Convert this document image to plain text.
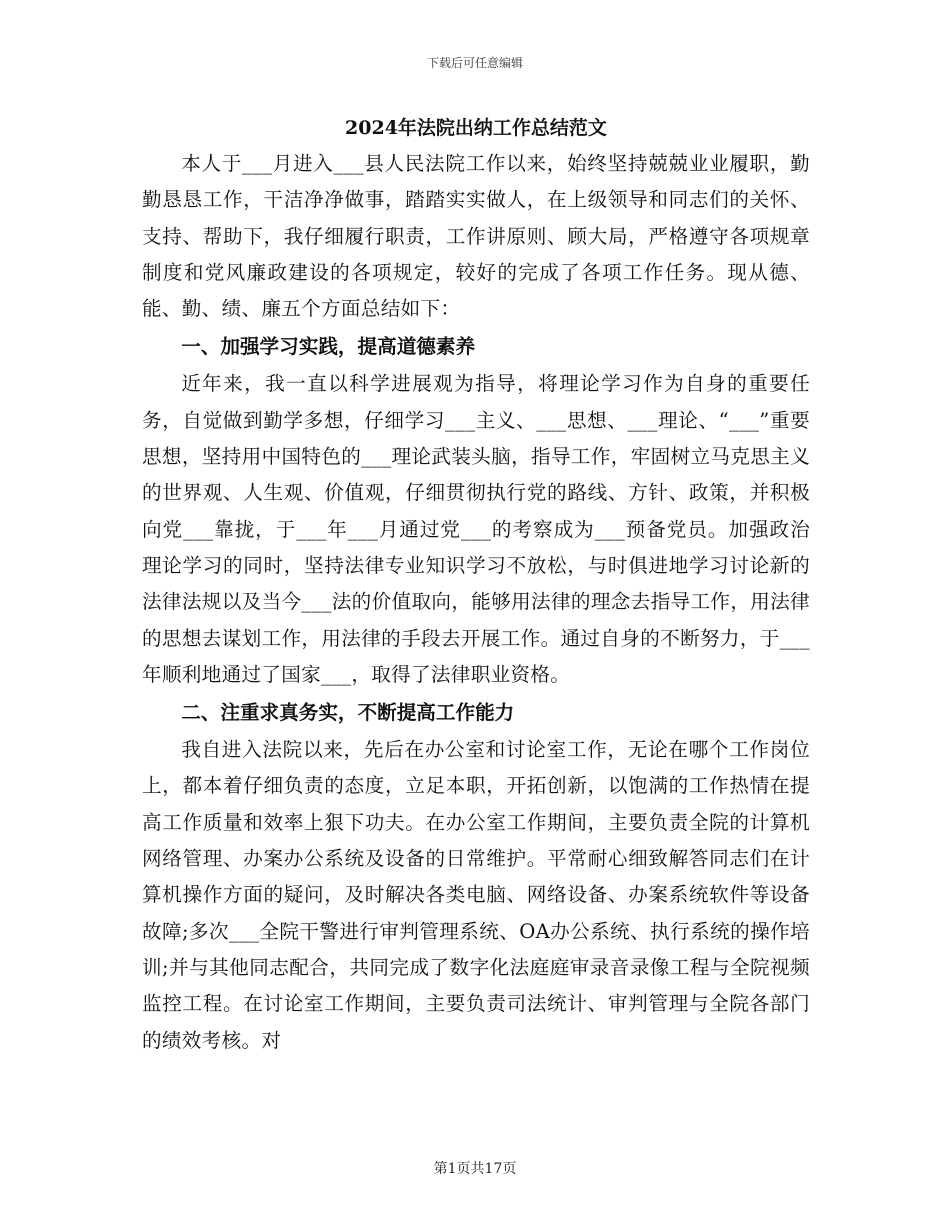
下载后可任意编辑

2024年法院出纳工作总结范文

本人于___月进入___县人民法院工作以来，始终坚持兢兢业业履职，勤勤恳恳工作，干洁净净做事，踏踏实实做人，在上级领导和同志们的关怀、支持、帮助下，我仔细履行职责，工作讲原则、顾大局，严格遵守各项规章制度和党风廉政建设的各项规定，较好的完成了各项工作任务。现从德、能、勤、绩、廉五个方面总结如下：

一、加强学习实践，提高道德素养

近年来，我一直以科学进展观为指导，将理论学习作为自身的重要任务，自觉做到勤学多想，仔细学习___主义、___思想、___理论、“___”重要思想，坚持用中国特色的___理论武装头脑，指导工作，牢固树立马克思主义的世界观、人生观、价值观，仔细贯彻执行党的路线、方针、政策，并积极向党___靠拢，于___年___月通过党___的考察成为___预备党员。加强政治理论学习的同时，坚持法律专业知识学习不放松，与时俱进地学习讨论新的法律法规以及当今___法的价值取向，能够用法律的理念去指导工作，用法律的思想去谋划工作，用法律的手段去开展工作。通过自身的不断努力，于___年顺利地通过了国家___，取得了法律职业资格。

二、注重求真务实，不断提高工作能力

我自进入法院以来，先后在办公室和讨论室工作，无论在哪个工作岗位上，都本着仔细负责的态度，立足本职，开拓创新，以饱满的工作热情在提高工作质量和效率上狠下功夫。在办公室工作期间，主要负责全院的计算机网络管理、办案办公系统及设备的日常维护。平常耐心细致解答同志们在计算机操作方面的疑问，及时解决各类电脑、网络设备、办案系统软件等设备故障;多次___全院干警进行审判管理系统、OA办公系统、执行系统的操作培训;并与其他同志配合，共同完成了数字化法庭庭审录音录像工程与全院视频监控工程。在讨论室工作期间，主要负责司法统计、审判管理与全院各部门的绩效考核。对

第1页共17页
